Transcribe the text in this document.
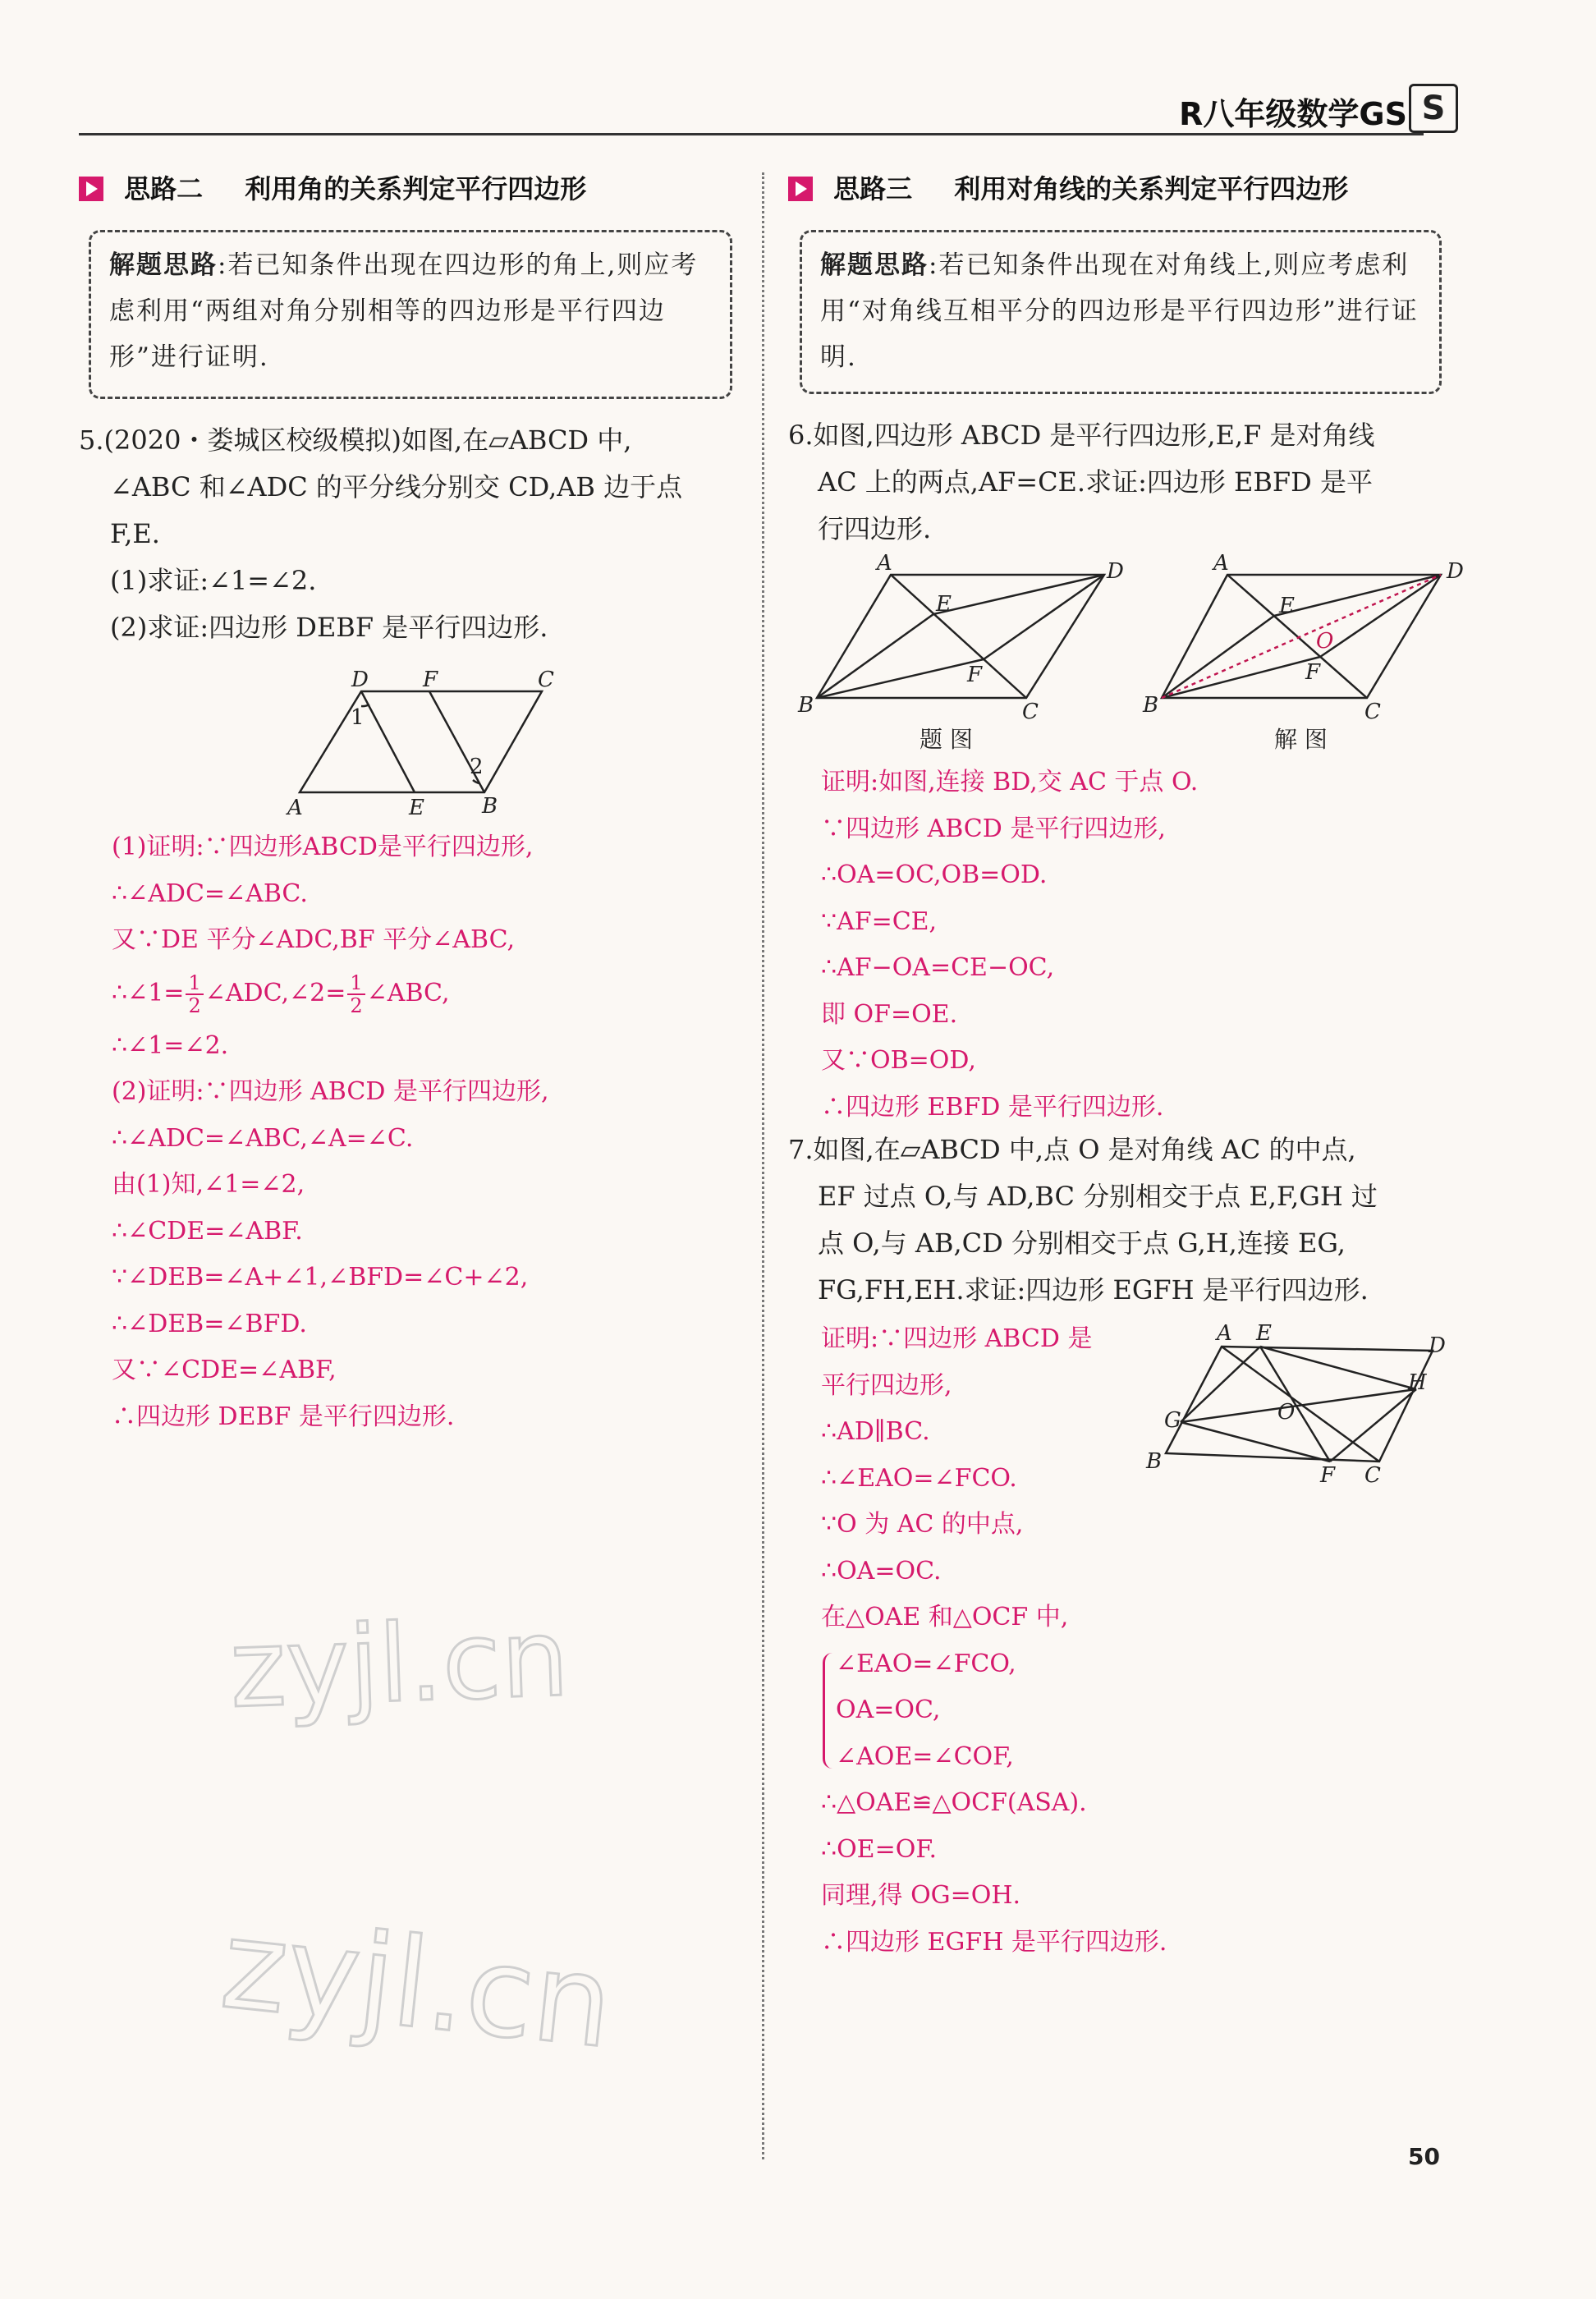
R八年级数学GS S
思路二 利用角的关系判定平行四边形
解题思路:若已知条件出现在四边形的角上,则应考虑利用“两组对角分别相等的四边形是平行四边形”进行证明.

5.(2020・娄城区校级模拟)如图,在▱ABCD 中,

∠ABC 和∠ADC 的平分线分别交 CD,AB 边于点

F,E.

(1)求证:∠1=∠2.

(2)求证:四边形 DEBF 是平行四边形.

D	F	C
A	E	B
1
2

(1)证明:∵四边形ABCD是平行四边形,

∴∠ADC=∠ABC.

又∵DE 平分∠ADC,BF 平分∠ABC,

∴∠1= $\frac{1}{2}$ ∠ADC,∠2= $\frac{1}{2}$ ∠ABC,

∴∠1=∠2.

(2)证明:∵四边形 ABCD 是平行四边形,

∴∠ADC=∠ABC,∠A=∠C.

由(1)知,∠1=∠2,

∴∠CDE=∠ABF.

∵∠DEB=∠A+∠1,∠BFD=∠C+∠2,

∴∠DEB=∠BFD.

又∵∠CDE=∠ABF,

∴四边形 DEBF 是平行四边形.

zyjl.cn
zyjl.cn
思路三 利用对角线的关系判定平行四边形
解题思路:若已知条件出现在对角线上,则应考虑利用“对角线互相平分的四边形是平行四边形”进行证明.

6.如图,四边形 ABCD 是平行四边形,E,F 是对角线

AC 上的两点,AF=CE.求证:四边形 EBFD 是平

行四边形.

A	D
E
F
B	C
题 图
A	D
E
F
B	C
O
解 图

证明:如图,连接 BD,交 AC 于点 O.

∵四边形 ABCD 是平行四边形,

∴OA=OC,OB=OD.

∵AF=CE,

∴AF−OA=CE−OC,

即 OF=OE.

又∵OB=OD,

∴四边形 EBFD 是平行四边形.

7.如图,在▱ABCD 中,点 O 是对角线 AC 的中点,

EF 过点 O,与 AD,BC 分别相交于点 E,F,GH 过

点 O,与 AB,CD 分别相交于点 G,H,连接 EG,

FG,FH,EH.求证:四边形 EGFH 是平行四边形.

A E	D
H
G	O
B
F C

证明:∵四边形 ABCD 是

平行四边形,

∴AD∥BC.

∴∠EAO=∠FCO.

∵O 为 AC 的中点,

∴OA=OC.

在△OAE 和△OCF 中,

∠EAO=∠FCO,

OA=OC,

∠AOE=∠COF,

∴△OAE≌△OCF(ASA).

∴OE=OF.

同理,得 OG=OH.

∴四边形 EGFH 是平行四边形.

50
